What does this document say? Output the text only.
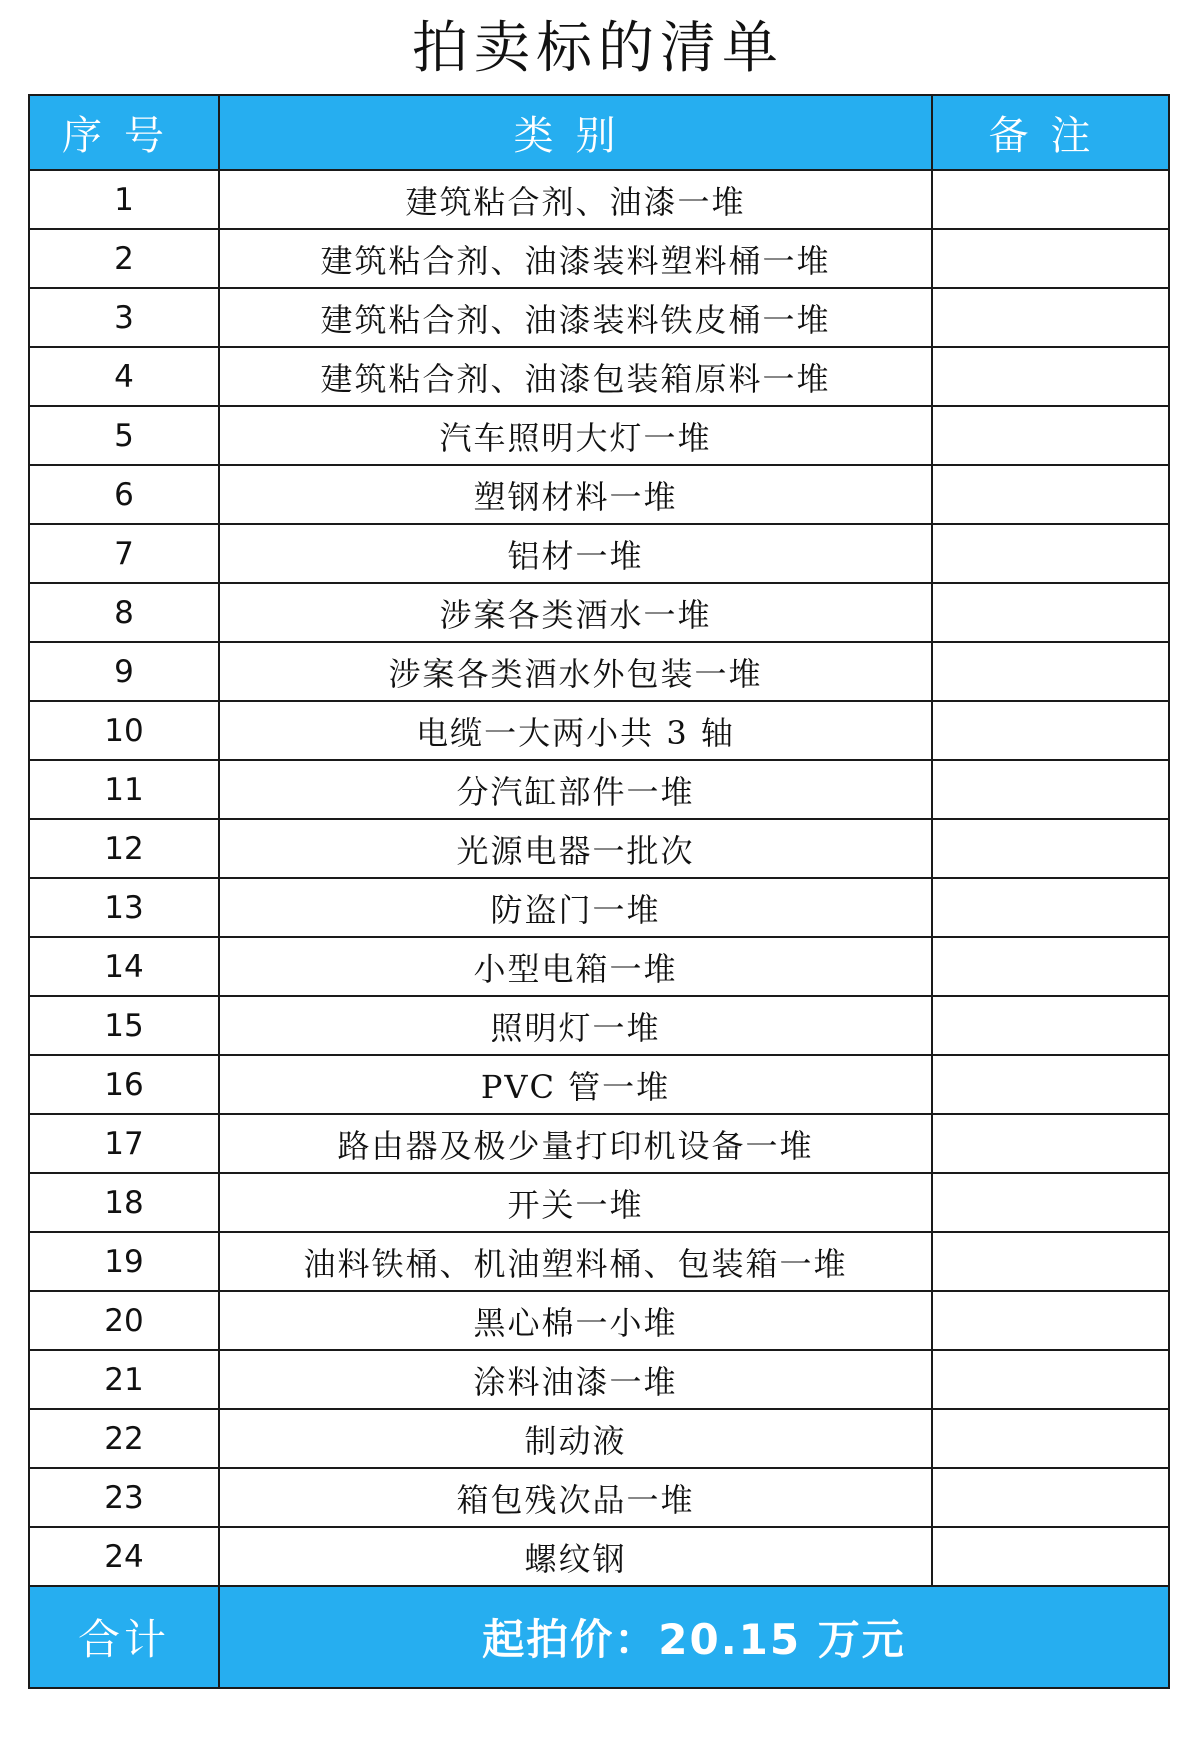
拍卖标的清单
序号	类别	备注
1	建筑粘合剂、油漆一堆	
2	建筑粘合剂、油漆装料塑料桶一堆	
3	建筑粘合剂、油漆装料铁皮桶一堆	
4	建筑粘合剂、油漆包装箱原料一堆	
5	汽车照明大灯一堆	
6	塑钢材料一堆	
7	铝材一堆	
8	涉案各类酒水一堆	
9	涉案各类酒水外包装一堆	
10	电缆一大两小共 3 轴	
11	分汽缸部件一堆	
12	光源电器一批次	
13	防盗门一堆	
14	小型电箱一堆	
15	照明灯一堆	
16	PVC 管一堆	
17	路由器及极少量打印机设备一堆	
18	开关一堆	
19	油料铁桶、机油塑料桶、包装箱一堆	
20	黑心棉一小堆	
21	涂料油漆一堆	
22	制动液	
23	箱包残次品一堆	
24	螺纹钢	
合计	起拍价：20.15 万元	
